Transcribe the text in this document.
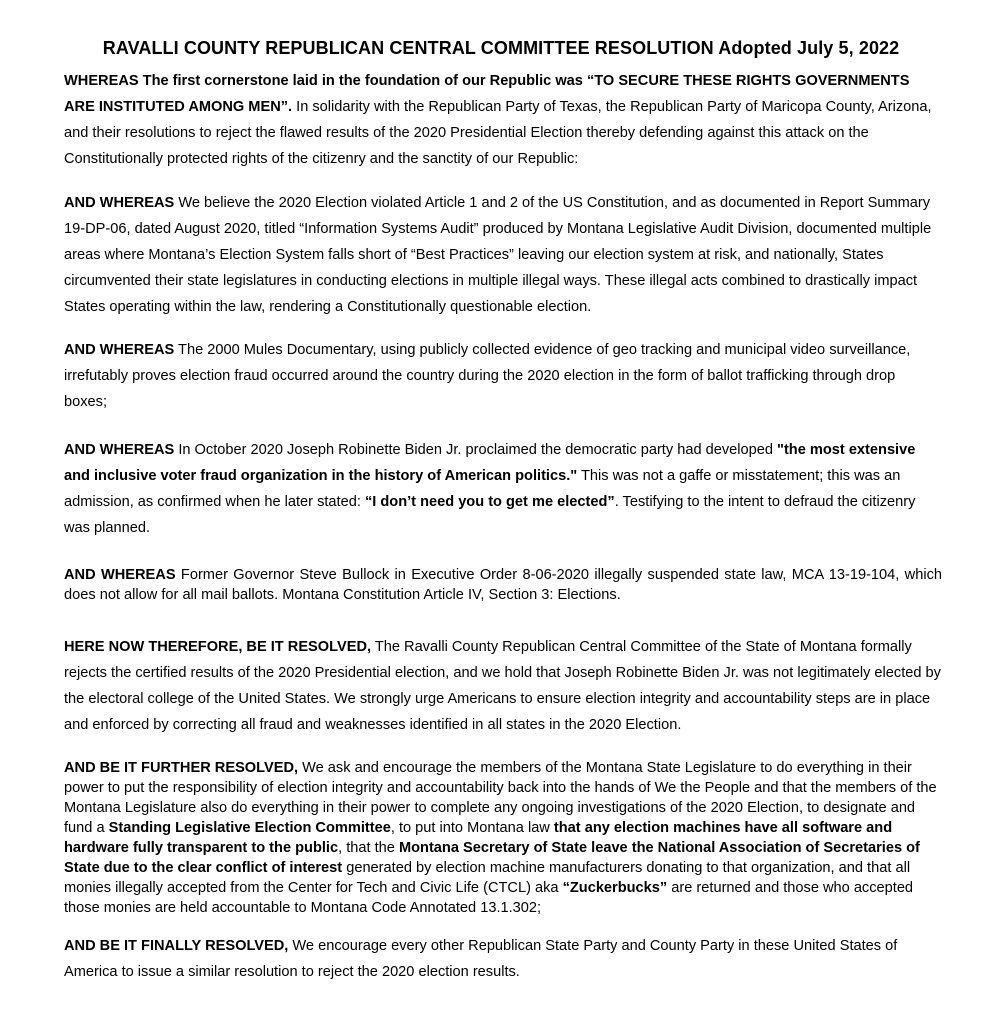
RAVALLI COUNTY REPUBLICAN CENTRAL COMMITTEE RESOLUTION Adopted July 5, 2022

WHEREAS The first cornerstone laid in the foundation of our Republic was “TO SECURE THESE RIGHTS GOVERNMENTS ARE INSTITUTED AMONG MEN”. In solidarity with the Republican Party of Texas, the Republican Party of Maricopa County, Arizona, and their resolutions to reject the flawed results of the 2020 Presidential Election thereby defending against this attack on the Constitutionally protected rights of the citizenry and the sanctity of our Republic:

AND WHEREAS We believe the 2020 Election violated Article 1 and 2 of the US Constitution, and as documented in Report Summary 19-DP-06, dated August 2020, titled “Information Systems Audit” produced by Montana Legislative Audit Division, documented multiple areas where Montana’s Election System falls short of “Best Practices” leaving our election system at risk, and nationally, States circumvented their state legislatures in conducting elections in multiple illegal ways. These illegal acts combined to drastically impact States operating within the law, rendering a Constitutionally questionable election.

AND WHEREAS The 2000 Mules Documentary, using publicly collected evidence of geo tracking and municipal video surveillance, irrefutably proves election fraud occurred around the country during the 2020 election in the form of ballot trafficking through drop boxes;

AND WHEREAS In October 2020 Joseph Robinette Biden Jr. proclaimed the democratic party had developed "the most extensive and inclusive voter fraud organization in the history of American politics." This was not a gaffe or misstatement; this was an admission, as confirmed when he later stated: “I don’t need you to get me elected”. Testifying to the intent to defraud the citizenry was planned.

AND WHEREAS Former Governor Steve Bullock in Executive Order 8-06-2020 illegally suspended state law, MCA 13-19-104, which does not allow for all mail ballots. Montana Constitution Article IV, Section 3: Elections.

HERE NOW THEREFORE, BE IT RESOLVED, The Ravalli County Republican Central Committee of the State of Montana formally rejects the certified results of the 2020 Presidential election, and we hold that Joseph Robinette Biden Jr. was not legitimately elected by the electoral college of the United States. We strongly urge Americans to ensure election integrity and accountability steps are in place and enforced by correcting all fraud and weaknesses identified in all states in the 2020 Election.

AND BE IT FURTHER RESOLVED, We ask and encourage the members of the Montana State Legislature to do everything in their power to put the responsibility of election integrity and accountability back into the hands of We the People and that the members of the Montana Legislature also do everything in their power to complete any ongoing investigations of the 2020 Election, to designate and fund a Standing Legislative Election Committee, to put into Montana law that any election machines have all software and hardware fully transparent to the public, that the Montana Secretary of State leave the National Association of Secretaries of State due to the clear conflict of interest generated by election machine manufacturers donating to that organization, and that all monies illegally accepted from the Center for Tech and Civic Life (CTCL) aka “Zuckerbucks” are returned and those who accepted those monies are held accountable to Montana Code Annotated 13.1.302;

AND BE IT FINALLY RESOLVED, We encourage every other Republican State Party and County Party in these United States of America to issue a similar resolution to reject the 2020 election results.
